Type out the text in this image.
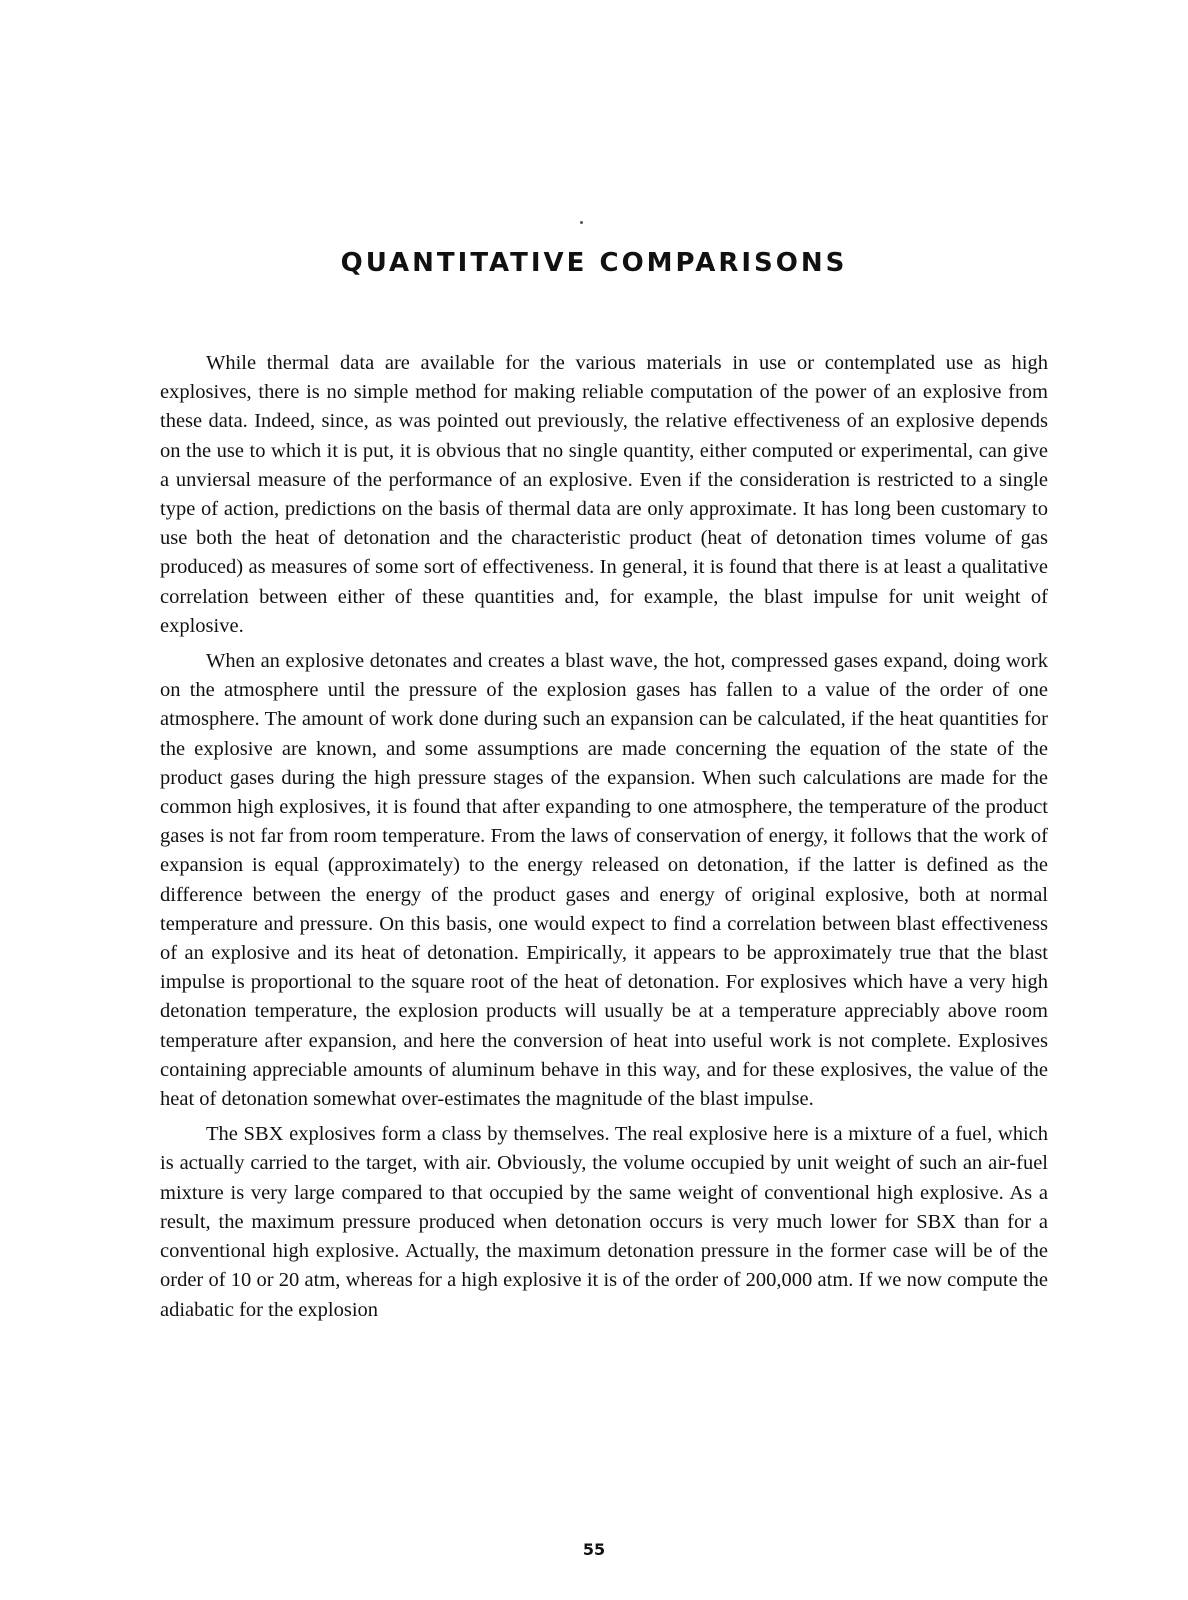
QUANTITATIVE COMPARISONS

While thermal data are available for the various materials in use or contemplated use as high explosives, there is no simple method for making reliable computation of the power of an explosive from these data. Indeed, since, as was pointed out previously, the relative effectiveness of an explosive depends on the use to which it is put, it is obvious that no single quantity, either computed or experimental, can give a unviersal measure of the performance of an explosive. Even if the consideration is restricted to a single type of action, predictions on the basis of thermal data are only approximate. It has long been customary to use both the heat of detonation and the characteristic product (heat of detonation times volume of gas produced) as measures of some sort of effectiveness. In general, it is found that there is at least a qualitative correlation between either of these quantities and, for example, the blast impulse for unit weight of explosive.

When an explosive detonates and creates a blast wave, the hot, compressed gases expand, doing work on the atmosphere until the pressure of the explosion gases has fallen to a value of the order of one atmosphere. The amount of work done during such an expansion can be calculated, if the heat quantities for the explosive are known, and some assumptions are made concerning the equation of the state of the product gases during the high pressure stages of the expansion. When such calculations are made for the common high explosives, it is found that after expanding to one atmosphere, the temperature of the product gases is not far from room temperature. From the laws of conservation of energy, it follows that the work of expansion is equal (approximately) to the energy released on detonation, if the latter is defined as the difference between the energy of the product gases and energy of original explosive, both at normal temperature and pressure. On this basis, one would expect to find a correlation between blast effectiveness of an explosive and its heat of detonation. Empirically, it appears to be approximately true that the blast impulse is proportional to the square root of the heat of detonation. For explosives which have a very high detonation temperature, the explosion products will usually be at a temperature appreciably above room temperature after expansion, and here the conversion of heat into useful work is not complete. Explosives containing appreciable amounts of aluminum behave in this way, and for these explosives, the value of the heat of detonation somewhat over-estimates the magnitude of the blast impulse.

The SBX explosives form a class by themselves. The real explosive here is a mixture of a fuel, which is actually carried to the target, with air. Obviously, the volume occupied by unit weight of such an air-fuel mixture is very large compared to that occupied by the same weight of conventional high explosive. As a result, the maximum pressure produced when detonation occurs is very much lower for SBX than for a conventional high explosive. Actually, the maximum detonation pressure in the former case will be of the order of 10 or 20 atm, whereas for a high explosive it is of the order of 200,000 atm. If we now compute the adiabatic for the explosion

55
